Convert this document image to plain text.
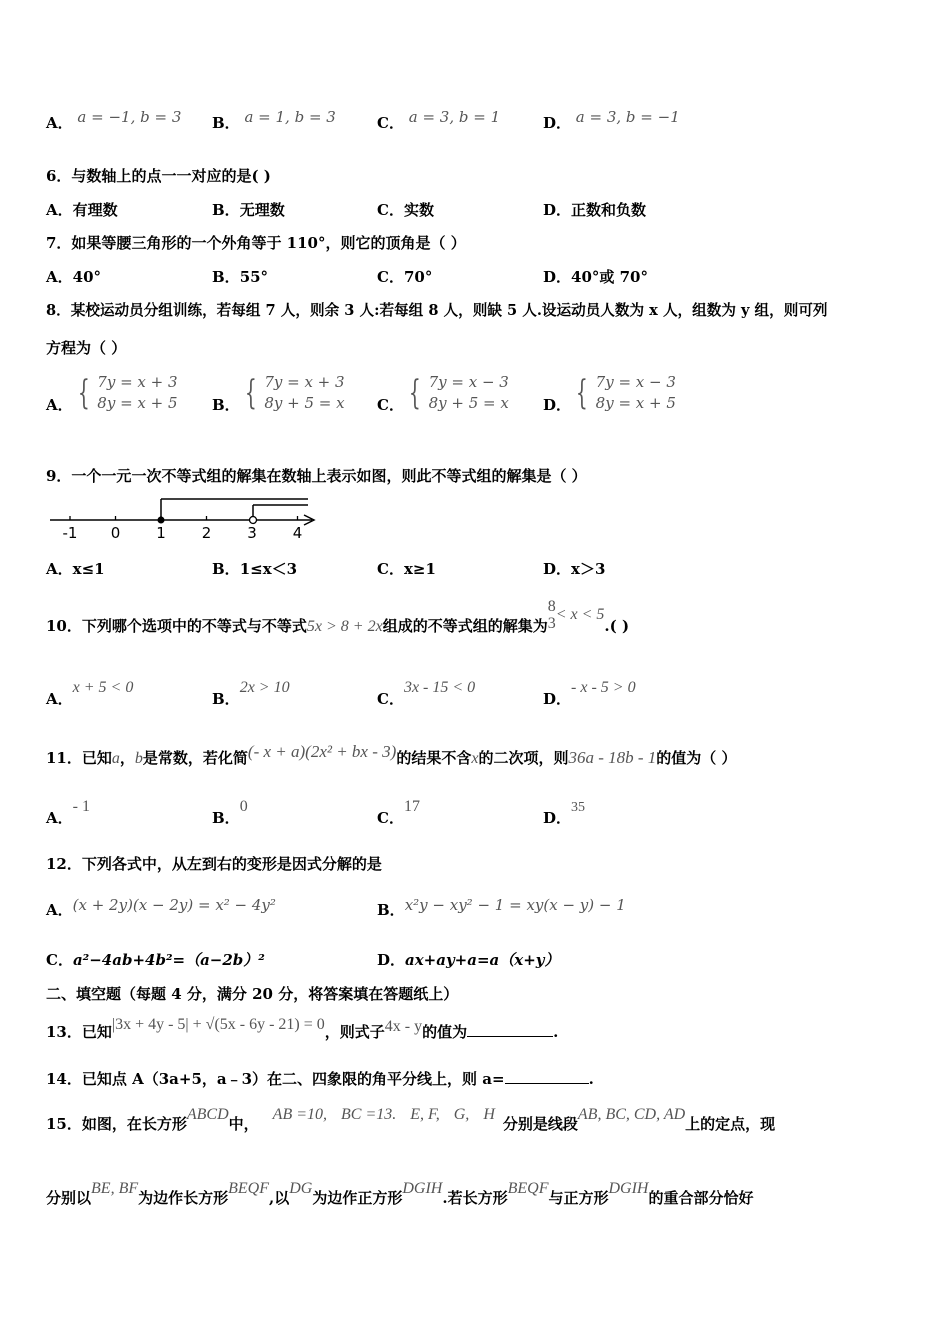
A． a = −1, b = 3 B． a = 1, b = 3	C． a = 3, b = 1	D． a = 3, b = −1
6．与数轴上的点一一对应的是( )
A．有理数	B．无理数	C．实数	D．正数和负数
7．如果等腰三角形的一个外角等于 110°，则它的顶角是（ ）
A．40°	B．55°	C．70°	D．40°或 70°
8．某校运动员分组训练，若每组 7 人，则余 3 人:若每组 8 人，则缺 5 人.设运动员人数为 x 人，组数为 y 组，则可列
方程为（ ）
A． { 7y = x + 3
8y = x + 5 B． { 7y = x + 3
8y + 5 = x C． { 7y = x − 3
8y + 5 = x D． { 7y = x − 3
8y = x + 5
9．一个一元一次不等式组的解集在数轴上表示如图，则此不等式组的解集是（ ）
-1 0 1 2 3 4
A．x≤1	B．1≤x＜3	C．x≥1	D．x＞3
10．下列哪个选项中的不等式与不等式5x > 8 + 2x组成的不等式组的解集为
8
3
< x < 5.( )
A．x + 5 < 0
B．2x > 10
C．3x - 15 < 0
D．- x - 5 > 0
11．已知a，b是常数，若化简(- x + a)(2x² + bx - 3)的结果不含x的二次项，则36a - 18b - 1的值为（ ）
A．- 1
B．0
C．17
D．35
12．下列各式中，从左到右的变形是因式分解的是
A．(x + 2y)(x − 2y) = x² − 4y²	B．x²y − xy² − 1 = xy(x − y) − 1
C．a²−4ab+4b²=（a−2b）²	D．ax+ay+a=a（x+y）
二、填空题（每题 4 分，满分 20 分，将答案填在答题纸上）
13．已知|3x + 4y - 5| + √(5x - 6y - 21) = 0，则式子4x - y的值为	.
14．已知点 A（3a+5，a﹣3）在二、四象限的角平分线上，则 a=	.
15．如图，在长方形ABCD中，AB =10, BC =13. E, F, G, H分别是线段AB, BC, CD, AD上的定点，现
分别以BE, BF为边作长方形BEQF,以DG为边作正方形DGIH.若长方形BEQF与正方形DGIH的重合部分恰好
